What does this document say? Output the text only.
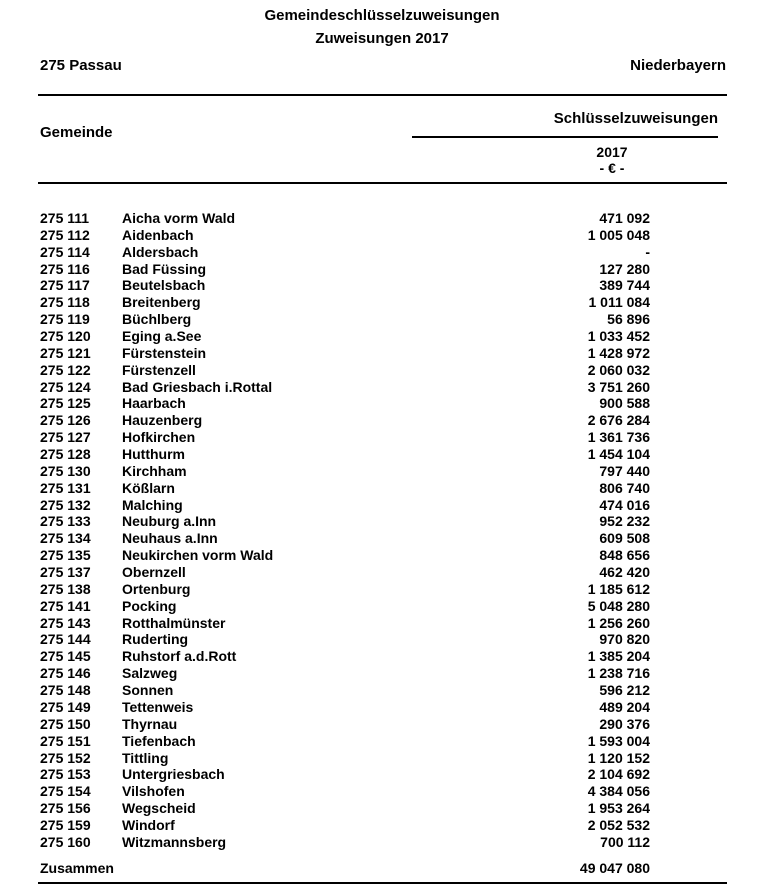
Gemeindeschlüsselzuweisungen
Zuweisungen 2017
275 Passau	Niederbayern
Gemeinde
Schlüsselzuweisungen
2017
- € -
275 111 Aicha vorm Wald	471 092
275 112 Aidenbach	1 005 048
275 114 Aldersbach	-
275 116 Bad Füssing	127 280
275 117 Beutelsbach	389 744
275 118 Breitenberg	1 011 084
275 119 Büchlberg	56 896
275 120 Eging a.See	1 033 452
275 121 Fürstenstein	1 428 972
275 122 Fürstenzell	2 060 032
275 124 Bad Griesbach i.Rottal	3 751 260
275 125 Haarbach	900 588
275 126 Hauzenberg	2 676 284
275 127 Hofkirchen	1 361 736
275 128 Hutthurm	1 454 104
275 130 Kirchham	797 440
275 131 Kößlarn	806 740
275 132 Malching	474 016
275 133 Neuburg a.Inn	952 232
275 134 Neuhaus a.Inn	609 508
275 135 Neukirchen vorm Wald	848 656
275 137 Obernzell	462 420
275 138 Ortenburg	1 185 612
275 141 Pocking	5 048 280
275 143 Rotthalmünster	1 256 260
275 144 Ruderting	970 820
275 145 Ruhstorf a.d.Rott	1 385 204
275 146 Salzweg	1 238 716
275 148 Sonnen	596 212
275 149 Tettenweis	489 204
275 150 Thyrnau	290 376
275 151 Tiefenbach	1 593 004
275 152 Tittling	1 120 152
275 153 Untergriesbach	2 104 692
275 154 Vilshofen	4 384 056
275 156 Wegscheid	1 953 264
275 159 Windorf	2 052 532
275 160 Witzmannsberg	700 112
Zusammen	49 047 080
